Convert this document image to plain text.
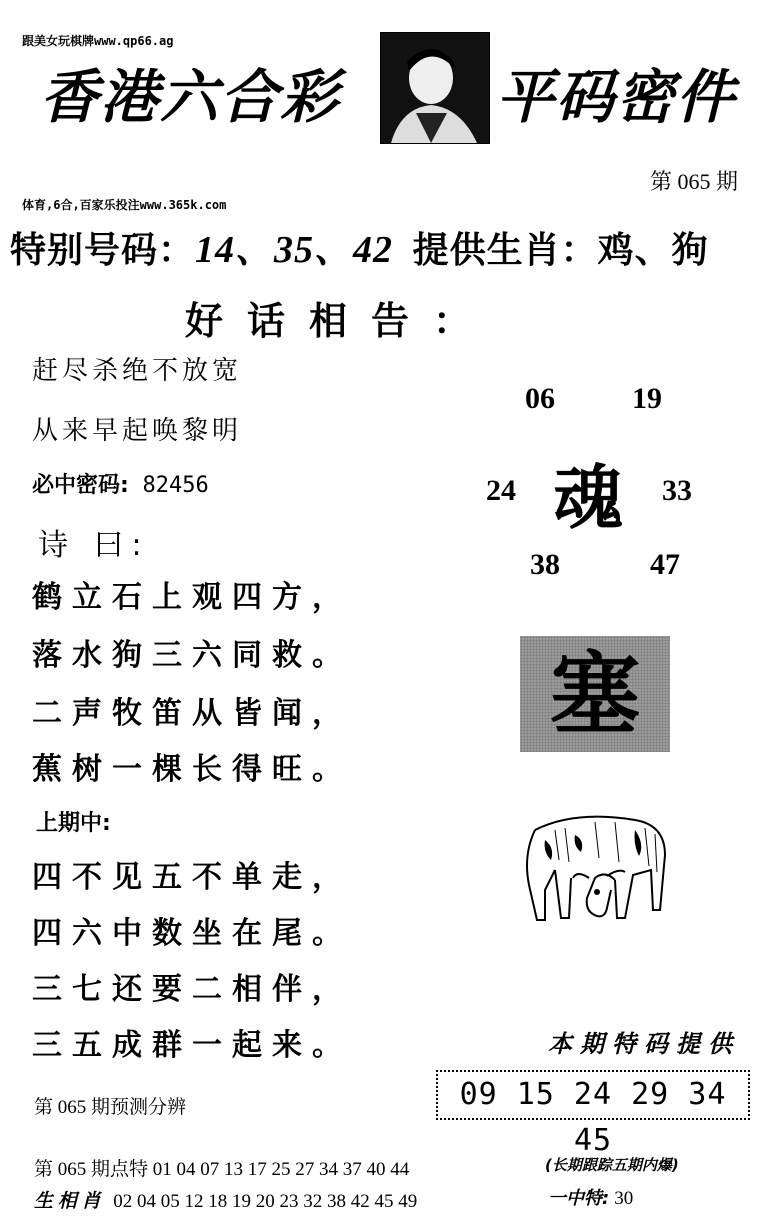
跟美女玩棋牌www.qp66.ag
香港六合彩	平码密件
第 065 期
体育,6合,百家乐投注www.365k.com
特别号码：14、35、42 提供生肖：鸡、狗
好话相告：
赶尽杀绝不放宽
从来早起唤黎明
必中密码: 82456
诗 曰:
鹤立石上观四方，
落水狗三六同救。
二声牧笛从皆闻，
蕉树一棵长得旺。
上期中:
四不见五不单走，
四六中数坐在尾。
三七还要二相伴，
三五成群一起来。
06	19
24 魂 33
38	47
塞
本期特码提供
09 15 24 29 34 45
第 065 期预测分辨
第 065 期点特 01 04 07 13 17 25 27 34 37 40 44
生 相 肖 02 04 05 12 18 19 20 23 32 38 42 45 49
(长期跟踪五期内爆)
一中特: 30
